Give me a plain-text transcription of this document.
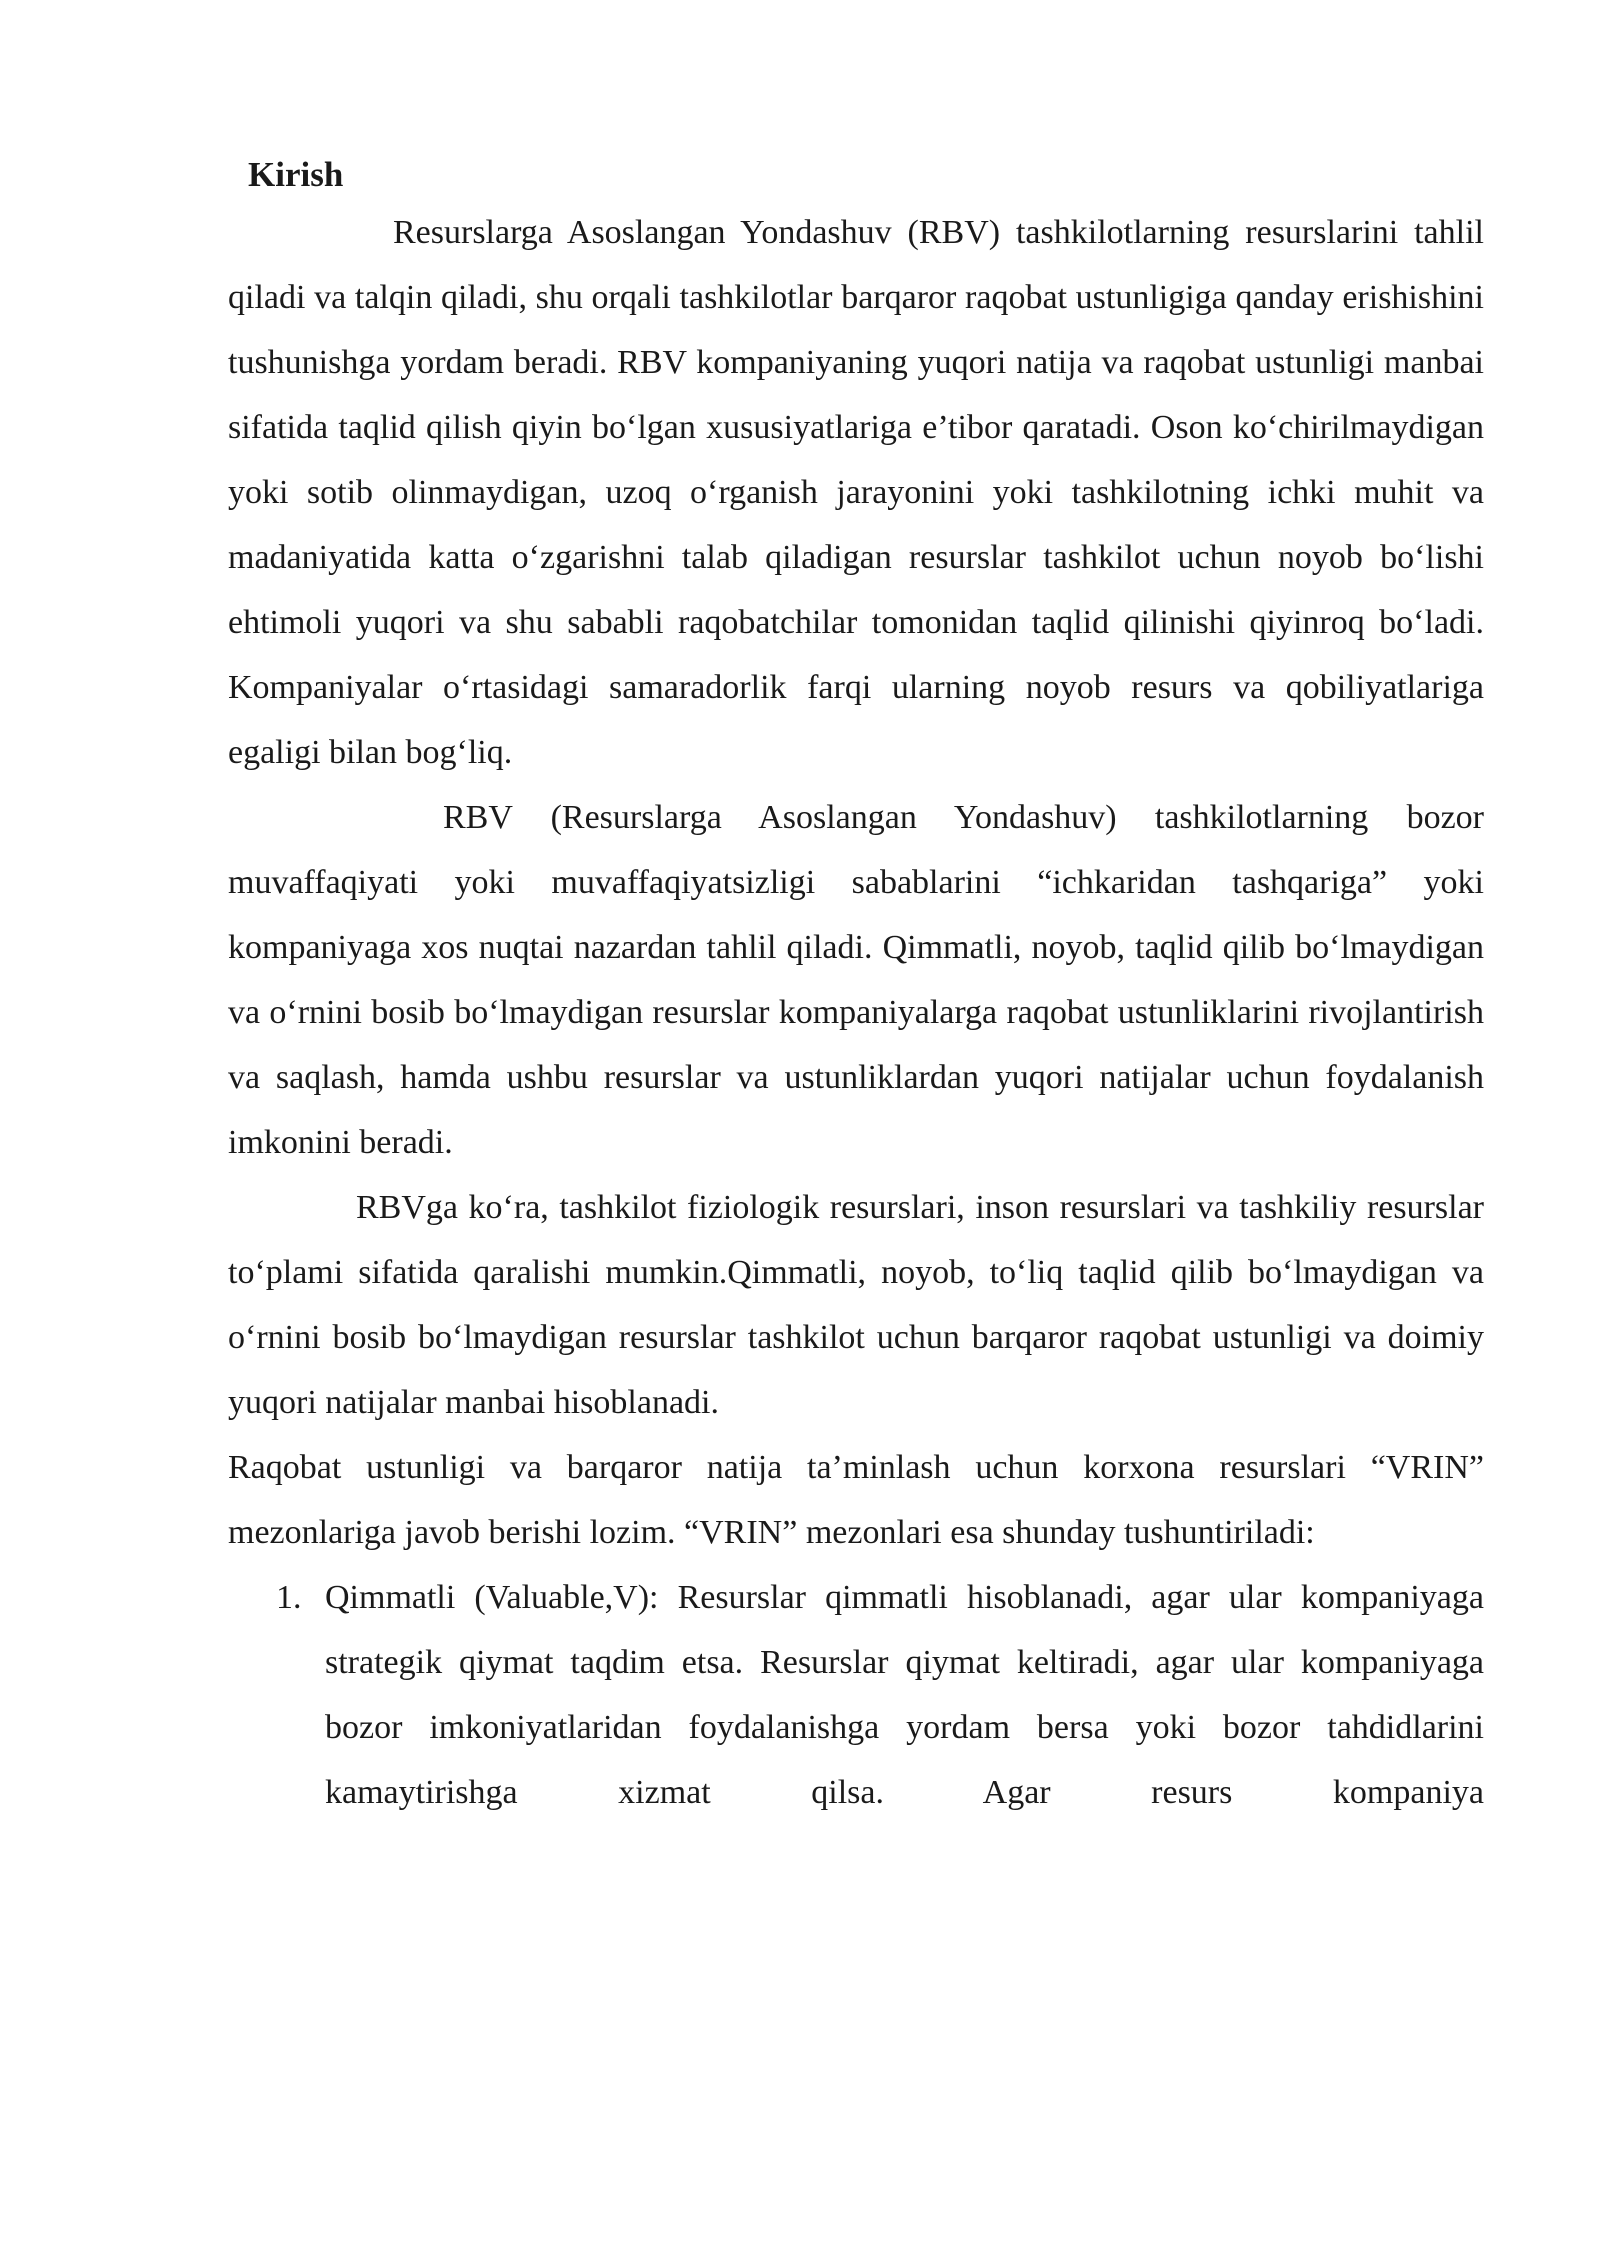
Kirish

Resurslarga Asoslangan Yondashuv (RBV) tashkilotlarning resurslarini tahlil qiladi va talqin qiladi, shu orqali tashkilotlar barqaror raqobat ustunligiga qanday erishishini tushunishga yordam beradi. RBV kompaniyaning yuqori natija va raqobat ustunligi manbai sifatida taqlid qilish qiyin bo‘lgan xususiyatlariga e’tibor qaratadi. Oson ko‘chirilmaydigan yoki sotib olinmaydigan, uzoq o‘rganish jarayonini yoki tashkilotning ichki muhit va madaniyatida katta o‘zgarishni talab qiladigan resurslar tashkilot uchun noyob bo‘lishi ehtimoli yuqori va shu sababli raqobatchilar tomonidan taqlid qilinishi qiyinroq bo‘ladi. Kompaniyalar o‘rtasidagi samaradorlik farqi ularning noyob resurs va qobiliyatlariga egaligi bilan bog‘liq.

RBV (Resurslarga Asoslangan Yondashuv) tashkilotlarning bozor muvaffaqiyati yoki muvaffaqiyatsizligi sabablarini “ichkaridan tashqariga” yoki kompaniyaga xos nuqtai nazardan tahlil qiladi. Qimmatli, noyob, taqlid qilib bo‘lmaydigan va o‘rnini bosib bo‘lmaydigan resurslar kompaniyalarga raqobat ustunliklarini rivojlantirish va saqlash, hamda ushbu resurslar va ustunliklardan yuqori natijalar uchun foydalanish imkonini beradi.

RBVga ko‘ra, tashkilot fiziologik resurslari, inson resurslari va tashkiliy resurslar to‘plami sifatida qaralishi mumkin.Qimmatli, noyob, to‘liq taqlid qilib bo‘lmaydigan va o‘rnini bosib bo‘lmaydigan resurslar tashkilot uchun barqaror raqobat ustunligi va doimiy yuqori natijalar manbai hisoblanadi.

Raqobat ustunligi va barqaror natija ta’minlash uchun korxona resurslari “VRIN” mezonlariga javob berishi lozim. “VRIN” mezonlari esa shunday tushuntiriladi:

1. Qimmatli (Valuable,V): Resurslar qimmatli hisoblanadi, agar ular kompaniyaga strategik qiymat taqdim etsa. Resurslar qiymat keltiradi, agar ular kompaniyaga bozor imkoniyatlaridan foydalanishga yordam bersa yoki bozor tahdidlarini kamaytirishga xizmat qilsa. Agar resurs kompaniya
